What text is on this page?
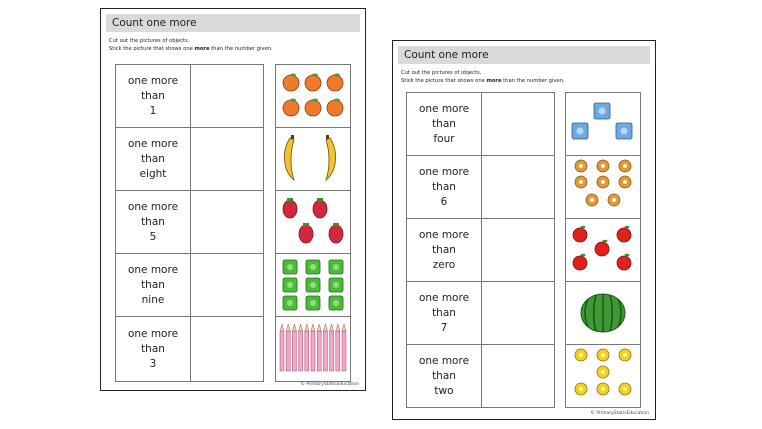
Count one more
Cut out the pictures of objects.
Stick the picture that shows one more than the number given.
one more
than
1
one more
than
eight
one more
than
5
one more
than
nine
one more
than
3
© PrimaryStaticEducation
Count one more
Cut out the pictures of objects.
Stick the picture that shows one more than the number given.
one more
than
four
one more
than
6
one more
than
zero
one more
than
7
one more
than
two
© PrimaryStaticEducation
